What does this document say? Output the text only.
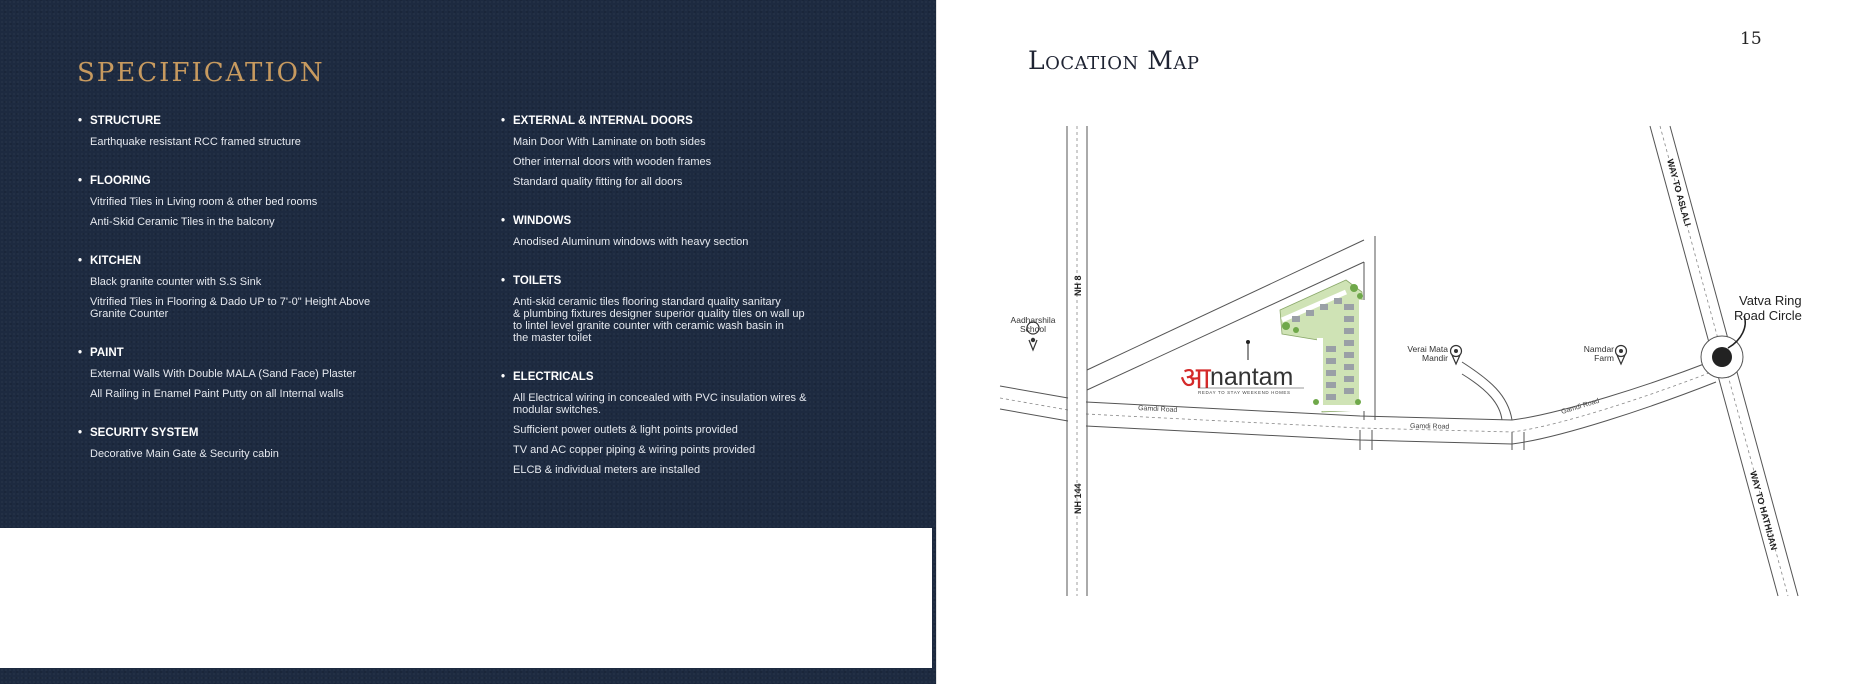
SPECIFICATION
• STRUCTURE
Earthquake resistant RCC framed structure
• FLOORING
Vitrified Tiles in Living room & other bed rooms
Anti-Skid Ceramic Tiles in the balcony
• KITCHEN
Black granite counter with S.S Sink
Vitrified Tiles in Flooring & Dado UP to 7'-0" Height Above
Granite Counter
• PAINT
External Walls With Double MALA (Sand Face) Plaster
All Railing in Enamel Paint Putty on all Internal walls
• SECURITY SYSTEM
Decorative Main Gate & Security cabin
• EXTERNAL & INTERNAL DOORS
Main Door With Laminate on both sides
Other internal doors with wooden frames
Standard quality fitting for all doors
• WINDOWS
Anodised Aluminum windows with heavy section
• TOILETS
Anti-skid ceramic tiles flooring standard quality sanitary
& plumbing fixtures designer superior quality tiles on wall up
to lintel level granite counter with ceramic wash basin in
the master toilet
• ELECTRICALS
All Electrical wiring in concealed with PVC insulation wires &
modular switches.
Sufficient power outlets & light points provided
TV and AC copper piping & wiring points provided
ELCB & individual meters are installed

15

Location Map
आ nantam
REDAY TO STAY WEEKEND HOMES
NH 8
NH 144
WAY TO ASLALI
WAY TO HATHIJAN
Gamdi Road
Gamdi Road
Gamdi Road
Aadharshila School
Verai Mata Mandir
Namdar Farm
Vatva Ring Road Circle
